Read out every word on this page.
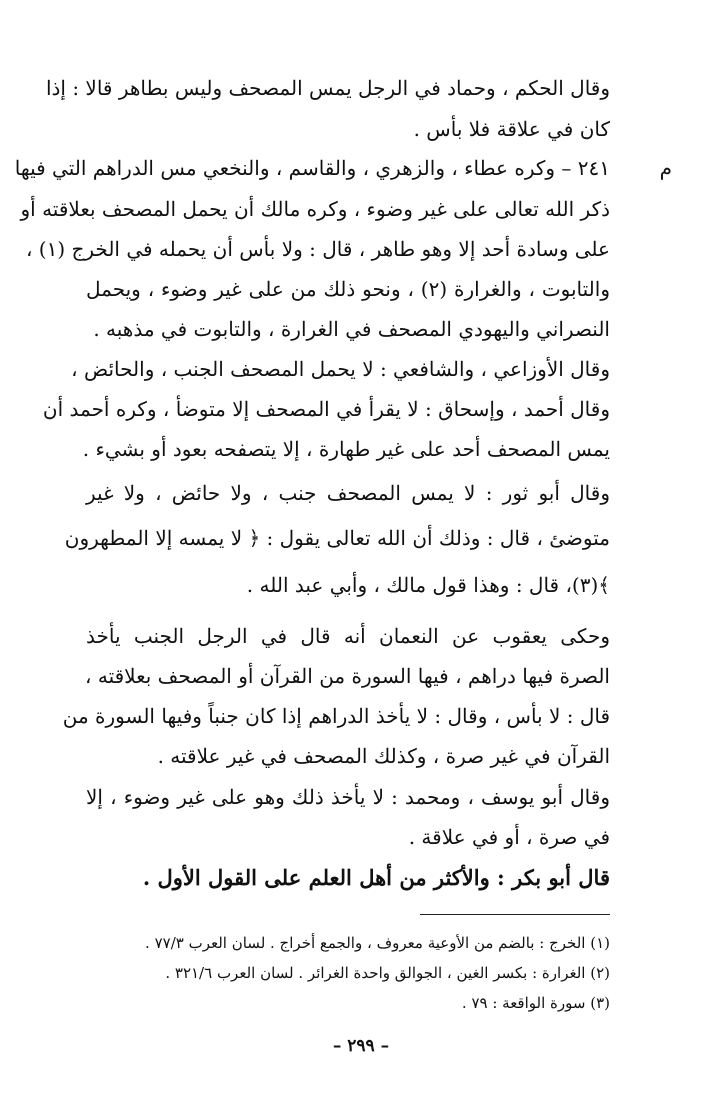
وقال الحكم ، وحماد في الرجل يمس المصحف وليس بطاهر قالا : إذا
كان في علاقة فلا بأس .
م
٢٤١ – وكره عطاء ، والزهري ، والقاسم ، والنخعي مس الدراهم التي فيها
ذكر الله تعالى على غير وضوء ، وكره مالك أن يحمل المصحف بعلاقته أو
على وسادة أحد إلا وهو طاهر ، قال : ولا بأس أن يحمله في الخرج (١) ،
والتابوت ، والغرارة (٢) ، ونحو ذلك من على غير وضوء ، ويحمل
النصراني واليهودي المصحف في الغرارة ، والتابوت في مذهبه .
وقال الأوزاعي ، والشافعي : لا يحمل المصحف الجنب ، والحائض ،
وقال أحمد ، وإسحاق : لا يقرأ في المصحف إلا متوضأ ، وكره أحمد أن
يمس المصحف أحد على غير طهارة ، إلا يتصفحه بعود أو بشيء .
وقال أبو ثور : لا يمس المصحف جنب ، ولا حائض ، ولا غير
متوضئ ، قال : وذلك أن الله تعالى يقول : ﴿ لا يمسه إلا المطهرون
﴾(٣)، قال : وهذا قول مالك ، وأبي عبد الله .
وحكى يعقوب عن النعمان أنه قال في الرجل الجنب يأخذ
الصرة فيها دراهم ، فيها السورة من القرآن أو المصحف بعلاقته ،
قال : لا بأس ، وقال : لا يأخذ الدراهم إذا كان جنباً وفيها السورة من
القرآن في غير صرة ، وكذلك المصحف في غير علاقته .
وقال أبو يوسف ، ومحمد : لا يأخذ ذلك وهو على غير وضوء ، إلا
في صرة ، أو في علاقة .
قال أبو بكر : والأكثر من أهل العلم على القول الأول .
(١) الخرج : بالضم من الأوعية معروف ، والجمع أخراج . لسان العرب ٧٧/٣ .
(٢) الغرارة : بكسر الغين ، الجوالق واحدة الغرائر . لسان العرب ٣٢١/٦ .
(٣) سورة الواقعة : ٧٩ .
– ٢٩٩ –
